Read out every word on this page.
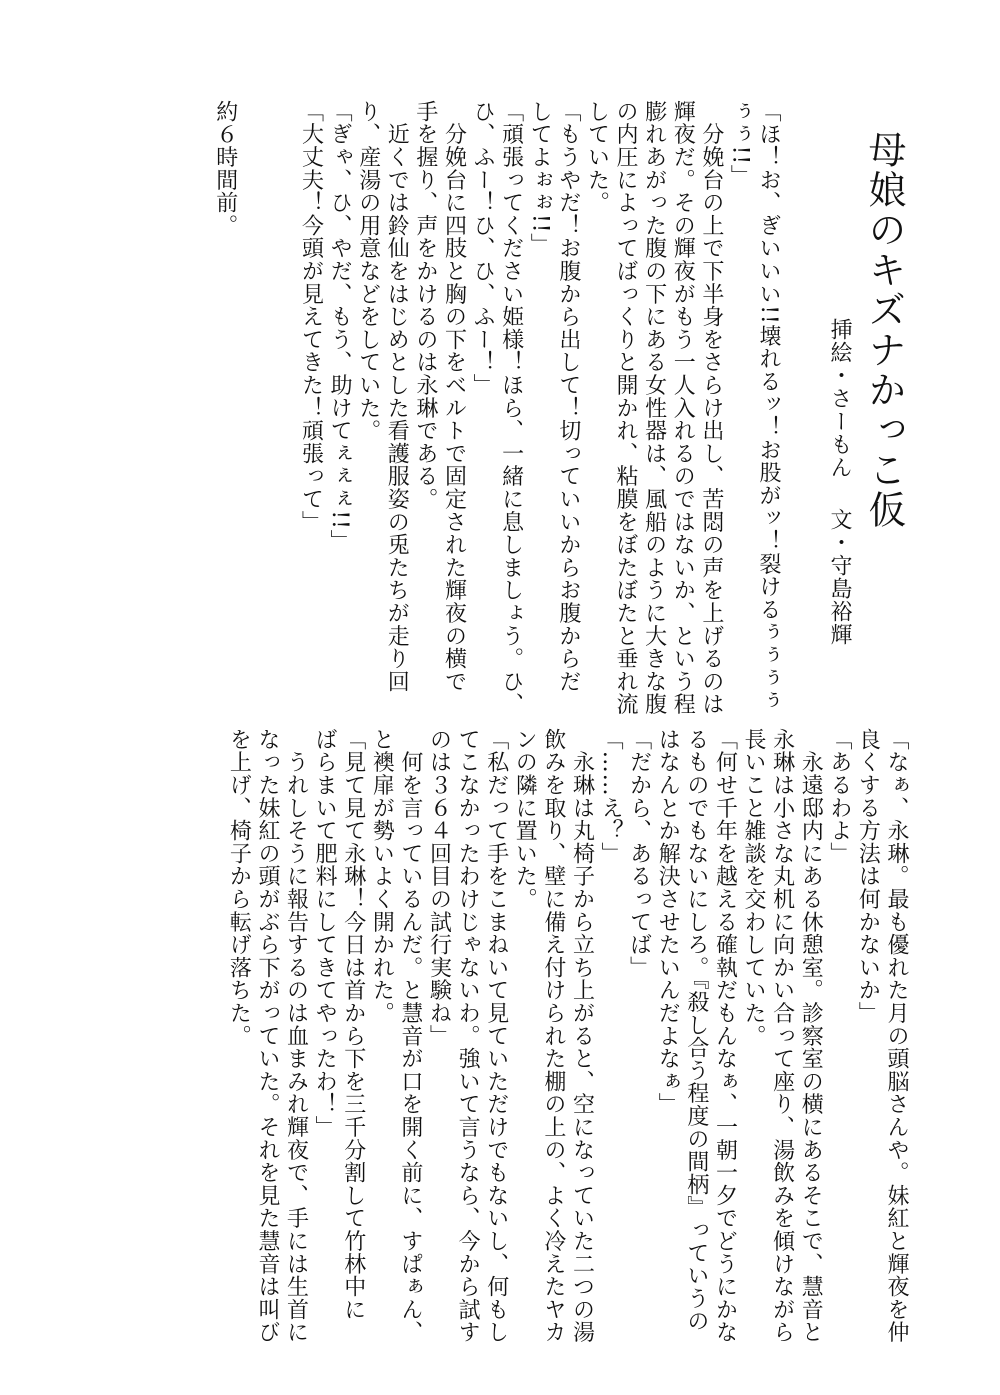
母娘のキズナかっこ仮
挿絵・さーもん
文・守島裕輝
「ほ！お、ぎいいい!!壊れるッ！お股がッ！裂けるぅぅぅぅ
ぅぅ!!」
　分娩台の上で下半身をさらけ出し、苦悶の声を上げるのは
輝夜だ。その輝夜がもう一人入れるのではないか、という程
膨れあがった腹の下にある女性器は、風船のように大きな腹
の内圧によってばっくりと開かれ、粘膜をぼたぼたと垂れ流
していた。
「もうやだ！お腹から出して！切っていいからお腹からだ
してよぉぉ!!」
「頑張ってください姫様！ほら、一緒に息しましょう。ひ、
ひ、ふー！ひ、ひ、ふー！」
　分娩台に四肢と胸の下をベルトで固定された輝夜の横で
手を握り、声をかけるのは永琳である。
　近くでは鈴仙をはじめとした看護服姿の兎たちが走り回
り、産湯の用意などをしていた。
「ぎゃ、ひ、やだ、もう、助けてぇぇぇ!!」
「大丈夫！今頭が見えてきた！頑張って」
約６時間前。
「なぁ、永琳。最も優れた月の頭脳さんや。妹紅と輝夜を仲
良くする方法は何かないか」
「あるわよ」
　永遠邸内にある休憩室。診察室の横にあるそこで、慧音と
永琳は小さな丸机に向かい合って座り、湯飲みを傾けながら
長いこと雑談を交わしていた。
「何せ千年を越える確執だもんなぁ、一朝一夕でどうにかな
るものでもないにしろ。『殺し合う程度の間柄』っていうの
はなんとか解決させたいんだよなぁ」
「だから、あるってば」
「……え？」
　永琳は丸椅子から立ち上がると、空になっていた二つの湯
飲みを取り、壁に備え付けられた棚の上の、よく冷えたヤカ
ンの隣に置いた。
「私だって手をこまねいて見ていただけでもないし、何もし
てこなかったわけじゃないわ。強いて言うなら、今から試す
のは３６４回目の試行実験ね」
　何を言っているんだ。と慧音が口を開く前に、すぱぁん、
と襖扉が勢いよく開かれた。
「見て見て永琳！今日は首から下を三千分割して竹林中に
ばらまいて肥料にしてきてやったわ！」
　うれしそうに報告するのは血まみれ輝夜で、手には生首に
なった妹紅の頭がぶら下がっていた。それを見た慧音は叫び
を上げ、椅子から転げ落ちた。
